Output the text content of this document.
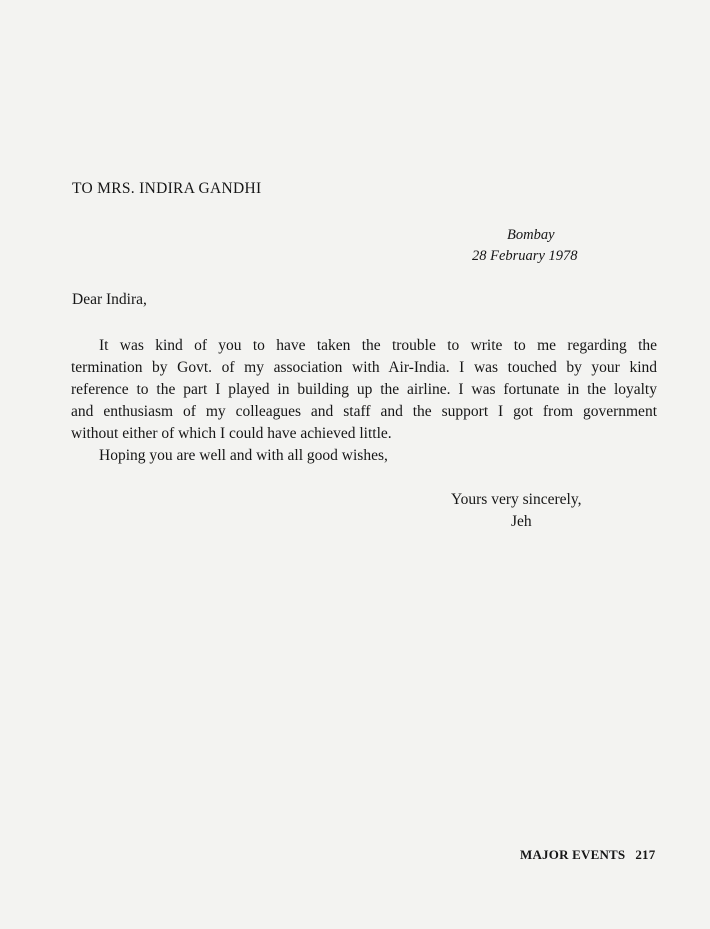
TO MRS. INDIRA GANDHI
Bombay
28 February 1978
Dear Indira,
It was kind of you to have taken the trouble to write to me regarding the
termination by Govt. of my association with Air-India. I was touched by your kind
reference to the part I played in building up the airline. I was fortunate in the loyalty
and enthusiasm of my colleagues and staff and the support I got from government
without either of which I could have achieved little.
Hoping you are well and with all good wishes,
Yours very sincerely,
Jeh
MAJOR EVENTS 217
